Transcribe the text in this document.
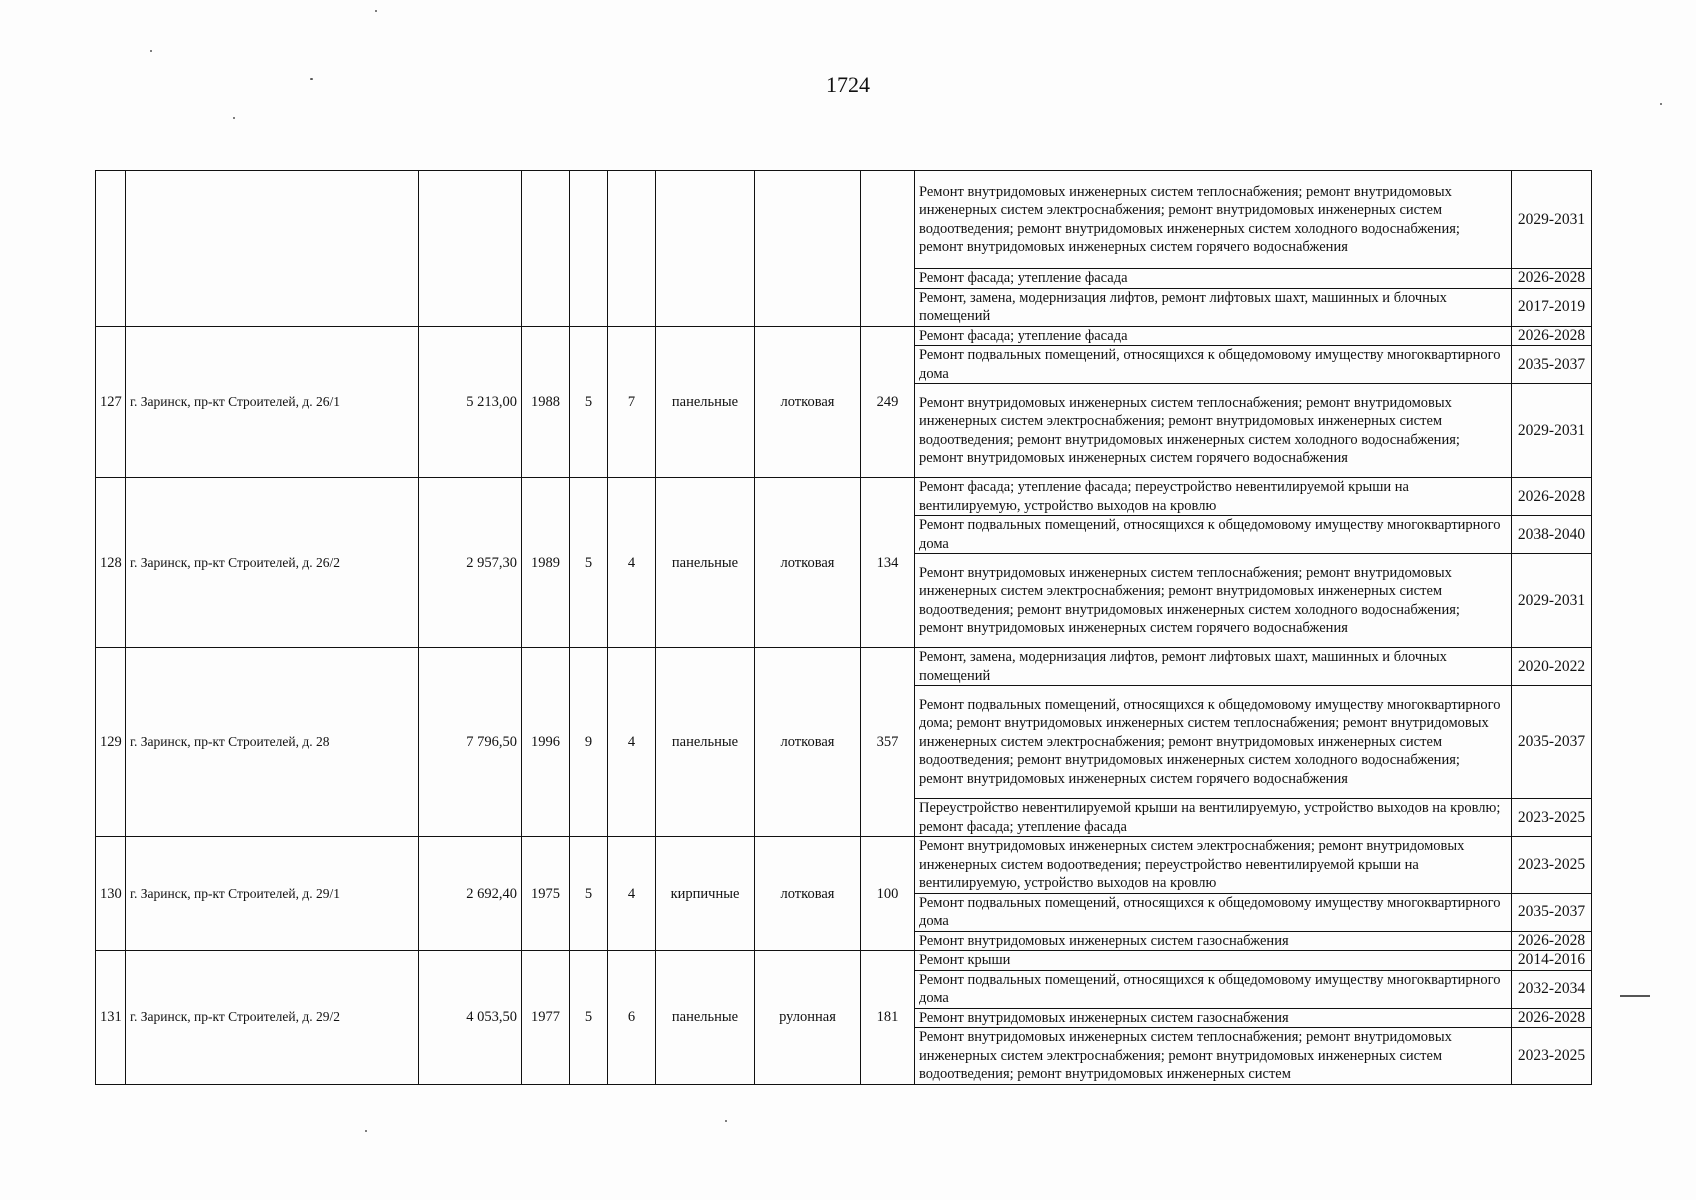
1724
									Ремонт внутридомовых инженерных систем теплоснабжения; ремонт внутридомовых инженерных систем электроснабжения; ремонт внутридомовых инженерных систем водоотведения; ремонт внутридомовых инженерных систем холодного водоснабжения; ремонт внутридомовых инженерных систем горячего водоснабжения	2029-2031
									Ремонт фасада; утепление фасада	2026-2028
									Ремонт, замена, модернизация лифтов, ремонт лифтовых шахт, машинных и блочных помещений	2017-2019
127	г. Заринск, пр-кт Строителей, д. 26/1	5 213,00	1988	5	7	панельные	лотковая	249	Ремонт фасада; утепление фасада	2026-2028
									Ремонт подвальных помещений, относящихся к общедомовому имуществу многоквартирного дома	2035-2037
									Ремонт внутридомовых инженерных систем теплоснабжения; ремонт внутридомовых инженерных систем электроснабжения; ремонт внутридомовых инженерных систем водоотведения; ремонт внутридомовых инженерных систем холодного водоснабжения; ремонт внутридомовых инженерных систем горячего водоснабжения	2029-2031
128	г. Заринск, пр-кт Строителей, д. 26/2	2 957,30	1989	5	4	панельные	лотковая	134	Ремонт фасада; утепление фасада; переустройство невентилируемой крыши на вентилируемую, устройство выходов на кровлю	2026-2028
									Ремонт подвальных помещений, относящихся к общедомовому имуществу многоквартирного дома	2038-2040
									Ремонт внутридомовых инженерных систем теплоснабжения; ремонт внутридомовых инженерных систем электроснабжения; ремонт внутридомовых инженерных систем водоотведения; ремонт внутридомовых инженерных систем холодного водоснабжения; ремонт внутридомовых инженерных систем горячего водоснабжения	2029-2031
129	г. Заринск, пр-кт Строителей, д. 28	7 796,50	1996	9	4	панельные	лотковая	357	Ремонт, замена, модернизация лифтов, ремонт лифтовых шахт, машинных и блочных помещений	2020-2022
									Ремонт подвальных помещений, относящихся к общедомовому имуществу многоквартирного дома; ремонт внутридомовых инженерных систем теплоснабжения; ремонт внутридомовых инженерных систем электроснабжения; ремонт внутридомовых инженерных систем водоотведения; ремонт внутридомовых инженерных систем холодного водоснабжения; ремонт внутридомовых инженерных систем горячего водоснабжения	2035-2037
									Переустройство невентилируемой крыши на вентилируемую, устройство выходов на кровлю; ремонт фасада; утепление фасада	2023-2025
130	г. Заринск, пр-кт Строителей, д. 29/1	2 692,40	1975	5	4	кирпичные	лотковая	100	Ремонт внутридомовых инженерных систем электроснабжения; ремонт внутридомовых инженерных систем водоотведения; переустройство невентилируемой крыши на вентилируемую, устройство выходов на кровлю	2023-2025
									Ремонт подвальных помещений, относящихся к общедомовому имуществу многоквартирного дома	2035-2037
									Ремонт внутридомовых инженерных систем газоснабжения	2026-2028
131	г. Заринск, пр-кт Строителей, д. 29/2	4 053,50	1977	5	6	панельные	рулонная	181	Ремонт крыши	2014-2016
									Ремонт подвальных помещений, относящихся к общедомовому имуществу многоквартирного дома	2032-2034
									Ремонт внутридомовых инженерных систем газоснабжения	2026-2028
									Ремонт внутридомовых инженерных систем теплоснабжения; ремонт внутридомовых инженерных систем электроснабжения; ремонт внутридомовых инженерных систем водоотведения; ремонт внутридомовых инженерных систем	2023-2025
